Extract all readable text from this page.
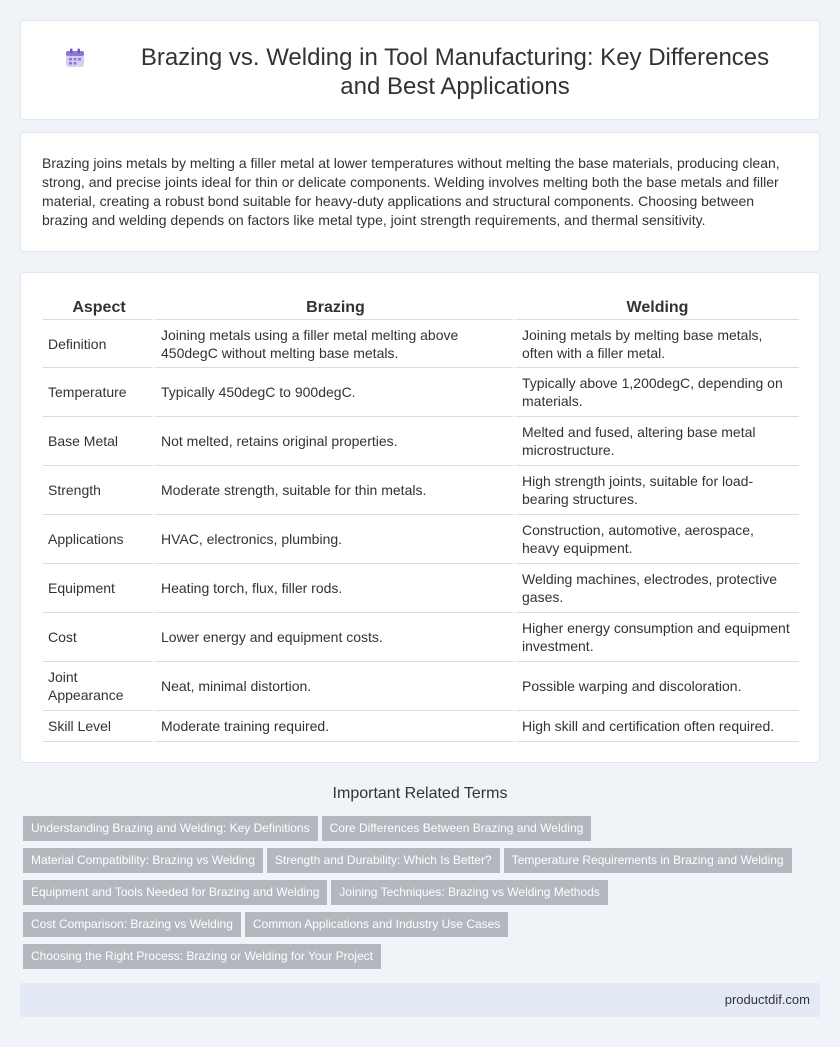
Brazing vs. Welding in Tool Manufacturing: Key Differences and Best Applications

Brazing joins metals by melting a filler metal at lower temperatures without melting the base materials, producing clean, strong, and precise joints ideal for thin or delicate components. Welding involves melting both the base metals and filler material, creating a robust bond suitable for heavy-duty applications and structural components. Choosing between brazing and welding depends on factors like metal type, joint strength requirements, and thermal sensitivity.

Aspect	Brazing	Welding
Definition	Joining metals using a filler metal melting above 450degC without melting base metals.	Joining metals by melting base metals, often with a filler metal.
Temperature	Typically 450degC to 900degC.	Typically above 1,200degC, depending on materials.
Base Metal	Not melted, retains original properties.	Melted and fused, altering base metal microstructure.
Strength	Moderate strength, suitable for thin metals.	High strength joints, suitable for load-bearing structures.
Applications	HVAC, electronics, plumbing.	Construction, automotive, aerospace, heavy equipment.
Equipment	Heating torch, flux, filler rods.	Welding machines, electrodes, protective gases.
Cost	Lower energy and equipment costs.	Higher energy consumption and equipment investment.
Joint Appearance	Neat, minimal distortion.	Possible warping and discoloration.
Skill Level	Moderate training required.	High skill and certification often required.
Important Related Terms
Understanding Brazing and Welding: Key Definitions Core Differences Between Brazing and Welding
Material Compatibility: Brazing vs Welding Strength and Durability: Which Is Better? Temperature Requirements in Brazing and Welding
Equipment and Tools Needed for Brazing and Welding Joining Techniques: Brazing vs Welding Methods
Cost Comparison: Brazing vs Welding Common Applications and Industry Use Cases
Choosing the Right Process: Brazing or Welding for Your Project
productdif.com
